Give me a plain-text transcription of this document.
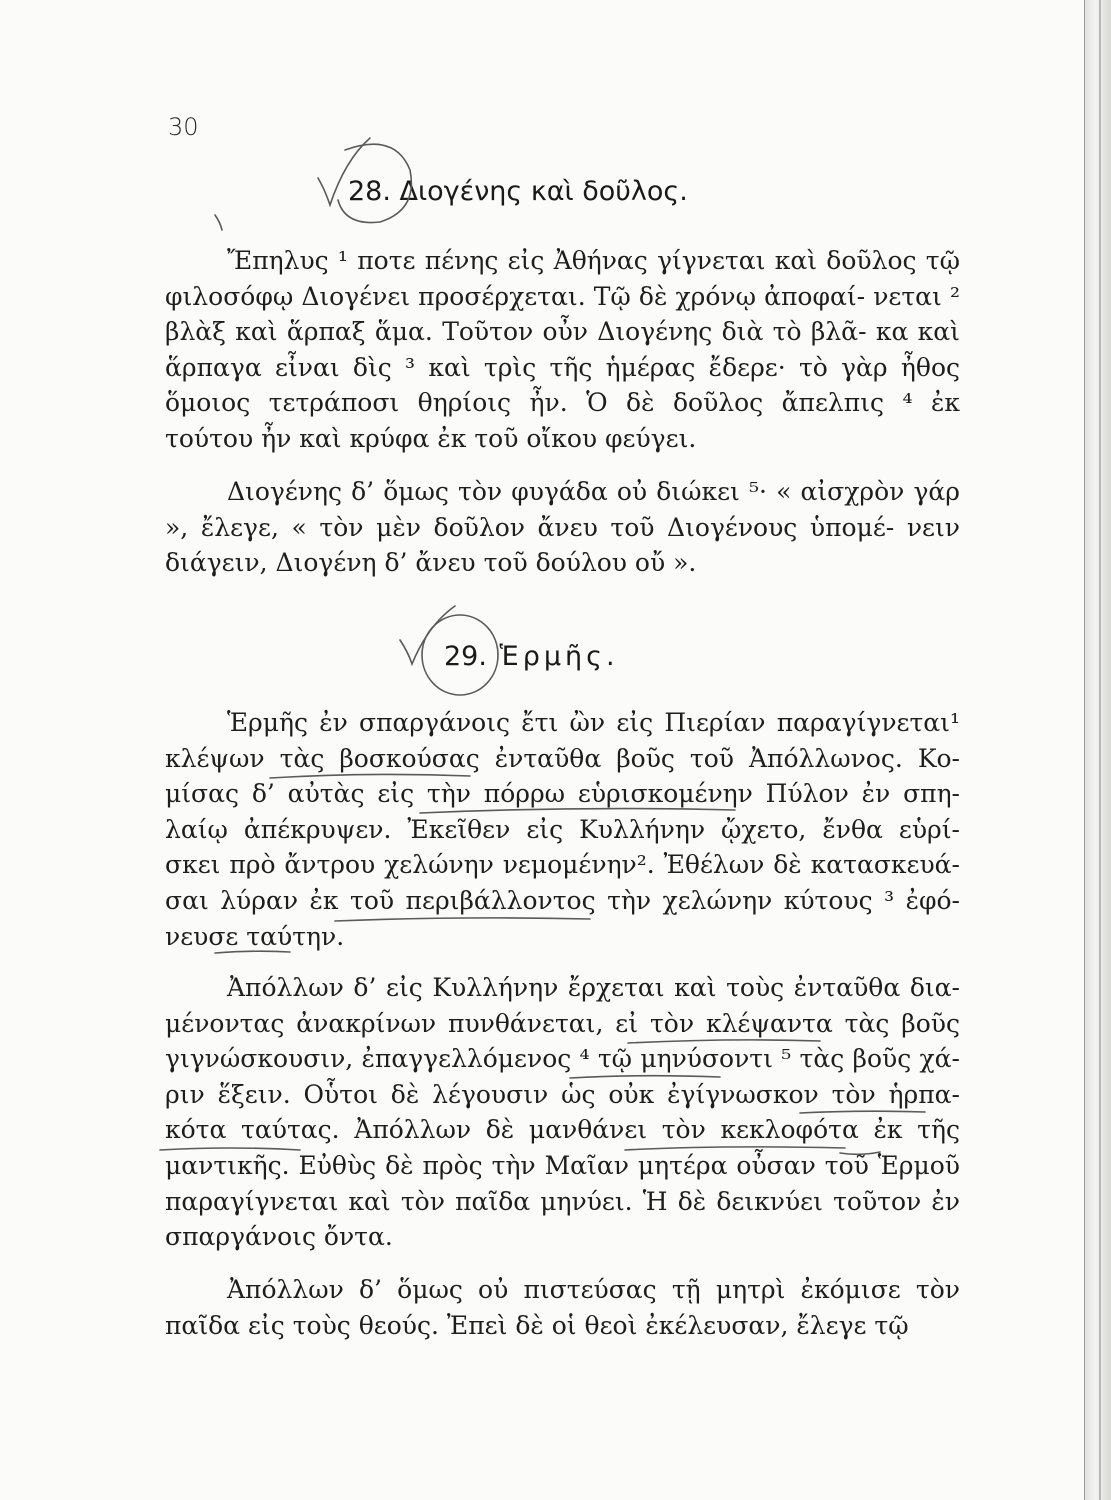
30
28. Διογένης καὶ δοῦλος.

Ἔπηλυς ¹ ποτε πένης εἰς Ἀθήνας γίγνεται καὶ δοῦλος τῷ φιλοσόφῳ Διογένει προσέρχεται. Τῷ δὲ χρόνῳ ἀποφαί- νεται ² βλὰξ καὶ ἅρπαξ ἅμα. Τοῦτον οὖν Διογένης διὰ τὸ βλᾶ- κα καὶ ἅρπαγα εἶναι δὶς ³ καὶ τρὶς τῆς ἡμέρας ἔδερε· τὸ γὰρ ἦθος ὅμοιος τετράποσι θηρίοις ἦν. Ὁ δὲ δοῦλος ἄπελπις ⁴ ἐκ τούτου ἦν καὶ κρύφα ἐκ τοῦ οἴκου φεύγει.

Διογένης δ’ ὅμως τὸν φυγάδα οὐ διώκει ⁵· « αἰσχρὸν γάρ », ἔλεγε, « τὸν μὲν δοῦλον ἄνευ τοῦ Διογένους ὑπομέ- νειν διάγειν, Διογένη δ’ ἄνευ τοῦ δούλου οὔ ».

29. Ἑρμῆς.

Ἑρμῆς ἐν σπαργάνοις ἔτι ὢν εἰς Πιερίαν παραγίγνεται¹ κλέψων τὰς βοσκούσας ἐνταῦθα βοῦς τοῦ Ἀπόλλωνος. Κο- μίσας δ’ αὐτὰς εἰς τὴν πόρρω εὑρισκομένην Πύλον ἐν σπη- λαίῳ ἀπέκρυψεν. Ἐκεῖθεν εἰς Κυλλήνην ᾤχετο, ἔνθα εὑρί- σκει πρὸ ἄντρου χελώνην νεμομένην². Ἐθέλων δὲ κατασκευά- σαι λύραν ἐκ τοῦ περιβάλλοντος τὴν χελώνην κύτους ³ ἐφό- νευσε ταύτην.

Ἀπόλλων δ’ εἰς Κυλλήνην ἔρχεται καὶ τοὺς ἐνταῦθα δια- μένοντας ἀνακρίνων πυνθάνεται, εἰ τὸν κλέψαντα τὰς βοῦς γιγνώσκουσιν, ἐπαγγελλόμενος ⁴ τῷ μηνύσοντι ⁵ τὰς βοῦς χά- ριν ἕξειν. Οὗτοι δὲ λέγουσιν ὡς οὐκ ἐγίγνωσκον τὸν ἡρπα- κότα ταύτας. Ἀπόλλων δὲ μανθάνει τὸν κεκλοφότα ἐκ τῆς μαντικῆς. Εὐθὺς δὲ πρὸς τὴν Μαῖαν μητέρα οὖσαν τοῦ Ἑρμοῦ παραγίγνεται καὶ τὸν παῖδα μηνύει. Ἡ δὲ δεικνύει τοῦτον ἐν σπαργάνοις ὄντα.

Ἀπόλλων δ’ ὅμως οὐ πιστεύσας τῇ μητρὶ ἐκόμισε τὸν παῖδα εἰς τοὺς θεούς. Ἐπεὶ δὲ οἱ θεοὶ ἐκέλευσαν, ἔλεγε τῷ
